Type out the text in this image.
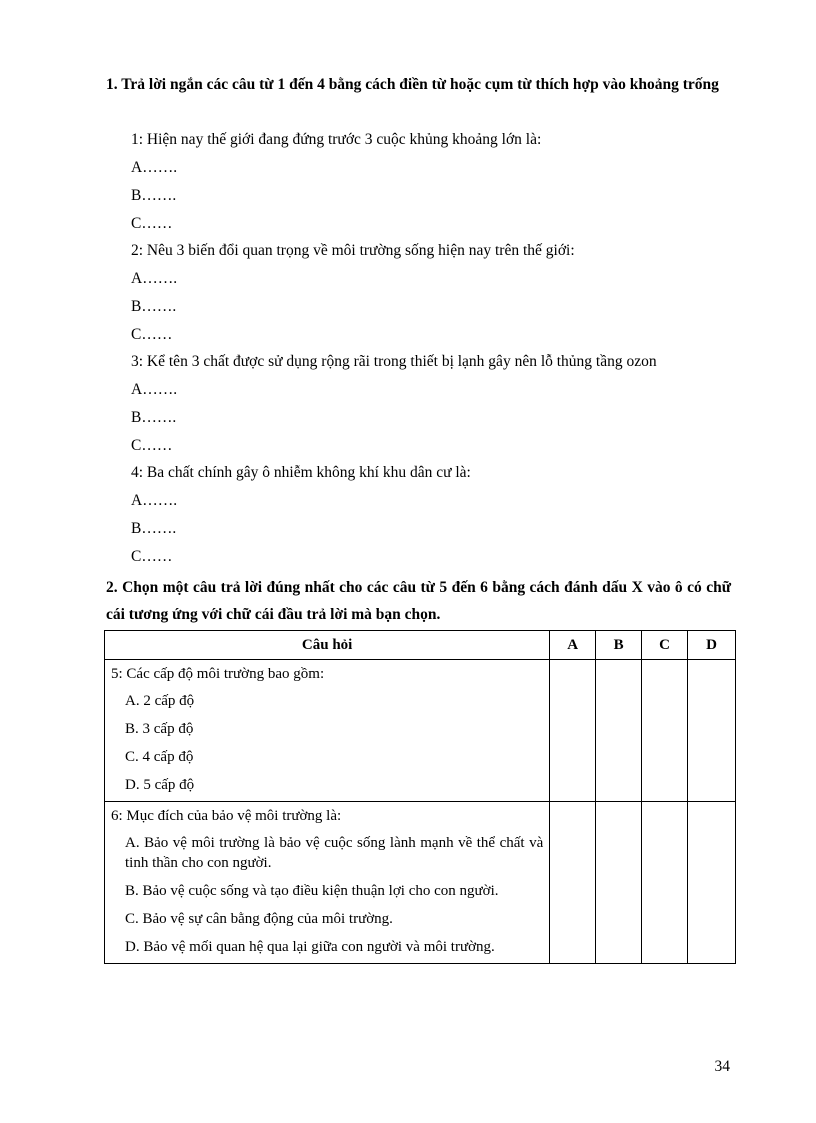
1. Trả lời ngắn các câu từ 1 đến 4 bằng cách điền từ hoặc cụm từ thích hợp vào khoảng trống
1: Hiện nay thế giới đang đứng trước 3 cuộc khủng khoảng lớn là:
A…….
B…….
C……
2: Nêu 3 biến đổi quan trọng về môi trường sống hiện nay trên thế giới:
A…….
B…….
C……
3: Kể tên 3 chất được sử dụng rộng rãi trong thiết bị lạnh gây nên lỗ thủng tầng ozon
A…….
B…….
C……
4: Ba chất chính gây ô nhiễm không khí khu dân cư là:
A…….
B…….
C……
2. Chọn một câu trả lời đúng nhất cho các câu từ 5 đến 6 bằng cách đánh dấu X vào ô có chữ cái tương ứng với chữ cái đầu trả lời mà bạn chọn.
Câu hỏi	A	B	C	D

5: Các cấp độ môi trường bao gồm:
A. 2 cấp độ
B. 3 cấp độ
C. 4 cấp độ
D. 5 cấp độ				

6: Mục đích của bảo vệ môi trường là:
A. Bảo vệ môi trường là bảo vệ cuộc sống lành mạnh về thể chất và tinh thần cho con người.
B. Bảo vệ cuộc sống và tạo điều kiện thuận lợi cho con người.
C. Bảo vệ sự cân bằng động của môi trường.
D. Bảo vệ mối quan hệ qua lại giữa con người và môi trường.				

34
